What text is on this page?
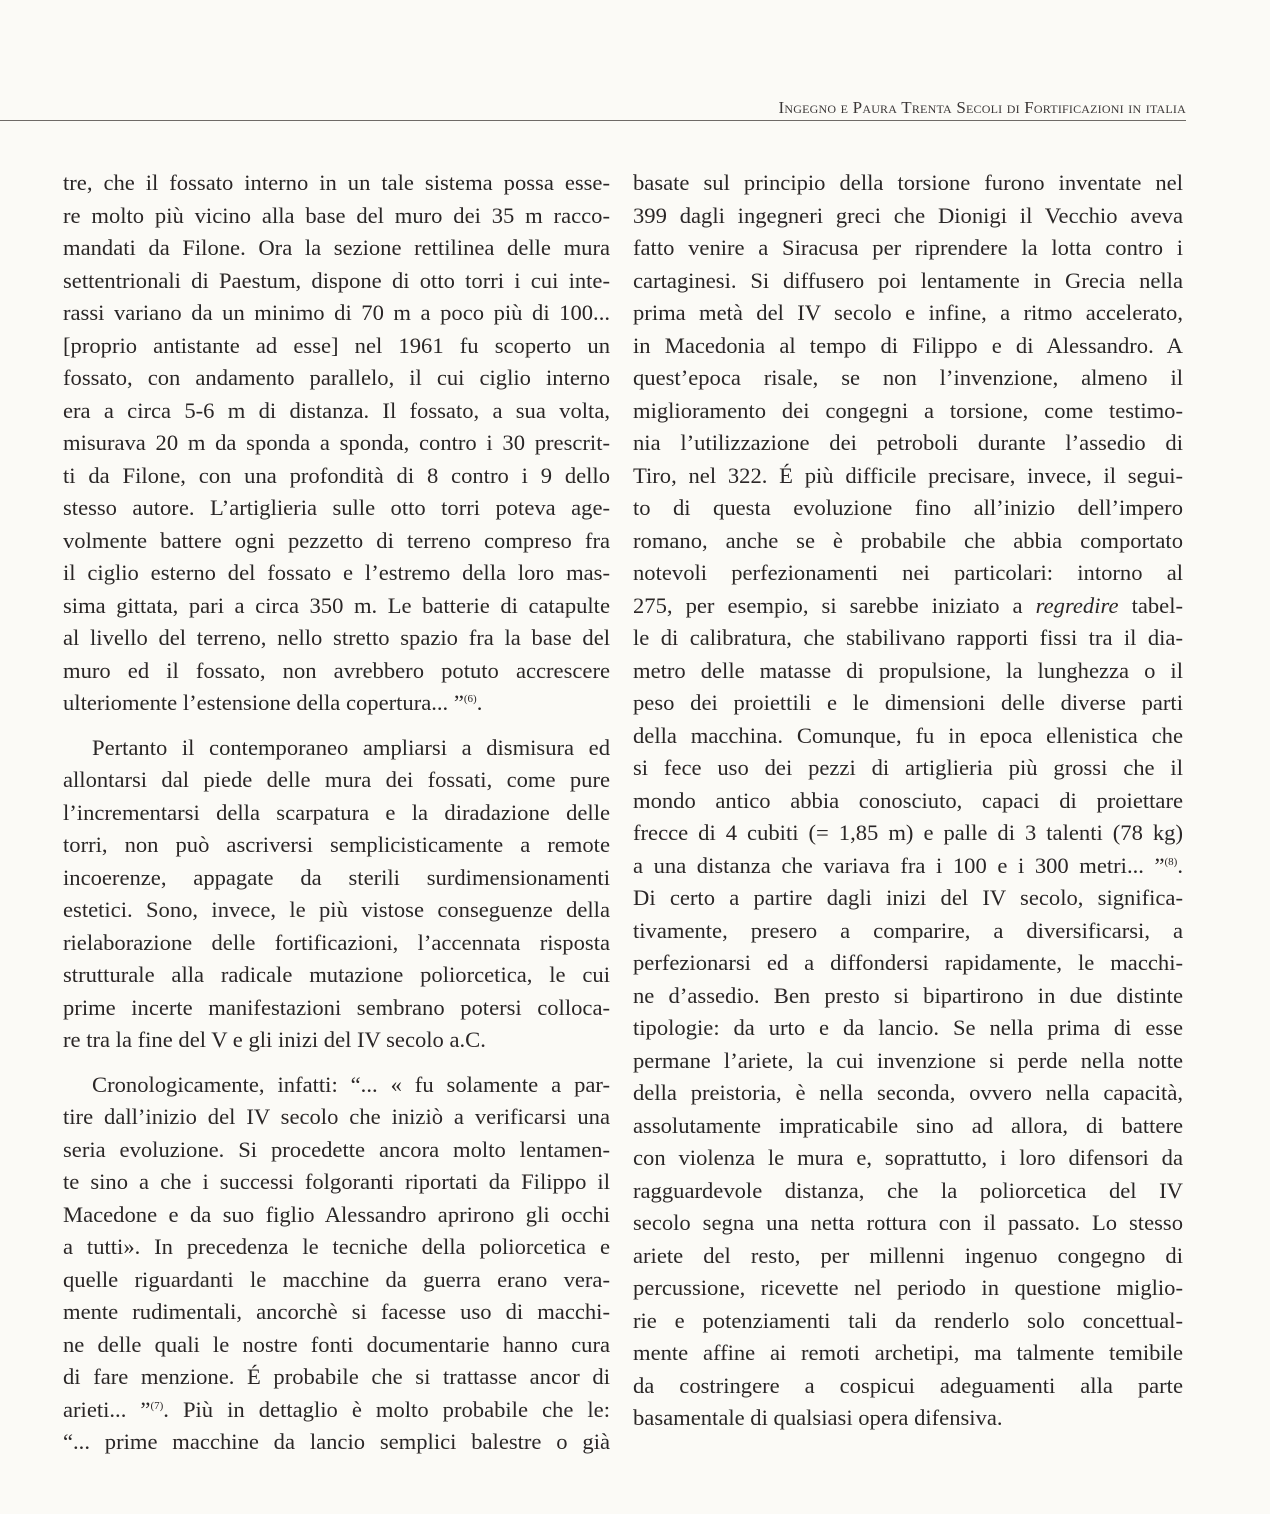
Ingegno e Paura Trenta Secoli di Fortificazioni in italia
tre, che il fossato interno in un tale sistema possa esse-
re molto più vicino alla base del muro dei 35 m racco-
mandati da Filone. Ora la sezione rettilinea delle mura
settentrionali di Paestum, dispone di otto torri i cui inte-
rassi variano da un minimo di 70 m a poco più di 100...
[proprio antistante ad esse] nel 1961 fu scoperto un
fossato, con andamento parallelo, il cui ciglio interno
era a circa 5-6 m di distanza. Il fossato, a sua volta,
misurava 20 m da sponda a sponda, contro i 30 prescrit-
ti da Filone, con una profondità di 8 contro i 9 dello
stesso autore. L’artiglieria sulle otto torri poteva age-
volmente battere ogni pezzetto di terreno compreso fra
il ciglio esterno del fossato e l’estremo della loro mas-
sima gittata, pari a circa 350 m. Le batterie di catapulte
al livello del terreno, nello stretto spazio fra la base del
muro ed il fossato, non avrebbero potuto accrescere
ulteriomente l’estensione della copertura... ”$^{(6)}$.
Pertanto il contemporaneo ampliarsi a dismisura ed
allontarsi dal piede delle mura dei fossati, come pure
l’incrementarsi della scarpatura e la diradazione delle
torri, non può ascriversi semplicisticamente a remote
incoerenze, appagate da sterili surdimensionamenti
estetici. Sono, invece, le più vistose conseguenze della
rielaborazione delle fortificazioni, l’accennata risposta
strutturale alla radicale mutazione poliorcetica, le cui
prime incerte manifestazioni sembrano potersi colloca-
re tra la fine del V e gli inizi del IV secolo a.C.
Cronologicamente, infatti: “... « fu solamente a par-
tire dall’inizio del IV secolo che iniziò a verificarsi una
seria evoluzione. Si procedette ancora molto lentamen-
te sino a che i successi folgoranti riportati da Filippo il
Macedone e da suo figlio Alessandro aprirono gli occhi
a tutti». In precedenza le tecniche della poliorcetica e
quelle riguardanti le macchine da guerra erano vera-
mente rudimentali, ancorchè si facesse uso di macchi-
ne delle quali le nostre fonti documentarie hanno cura
di fare menzione. É probabile che si trattasse ancor di
arieti... ”$^{(7)}$. Più in dettaglio è molto probabile che le:
“... prime macchine da lancio semplici balestre o già
basate sul principio della torsione furono inventate nel
399 dagli ingegneri greci che Dionigi il Vecchio aveva
fatto venire a Siracusa per riprendere la lotta contro i
cartaginesi. Si diffusero poi lentamente in Grecia nella
prima metà del IV secolo e infine, a ritmo accelerato,
in Macedonia al tempo di Filippo e di Alessandro. A
quest’epoca risale, se non l’invenzione, almeno il
miglioramento dei congegni a torsione, come testimo-
nia l’utilizzazione dei petroboli durante l’assedio di
Tiro, nel 322. É più difficile precisare, invece, il segui-
to di questa evoluzione fino all’inizio dell’impero
romano, anche se è probabile che abbia comportato
notevoli perfezionamenti nei particolari: intorno al
275, per esempio, si sarebbe iniziato a regredire tabel-
le di calibratura, che stabilivano rapporti fissi tra il dia-
metro delle matasse di propulsione, la lunghezza o il
peso dei proiettili e le dimensioni delle diverse parti
della macchina. Comunque, fu in epoca ellenistica che
si fece uso dei pezzi di artiglieria più grossi che il
mondo antico abbia conosciuto, capaci di proiettare
frecce di 4 cubiti (= 1,85 m) e palle di 3 talenti (78 kg)
a una distanza che variava fra i 100 e i 300 metri... ”$^{(8)}$.
Di certo a partire dagli inizi del IV secolo, significa-
tivamente, presero a comparire, a diversificarsi, a
perfezionarsi ed a diffondersi rapidamente, le macchi-
ne d’assedio. Ben presto si bipartirono in due distinte
tipologie: da urto e da lancio. Se nella prima di esse
permane l’ariete, la cui invenzione si perde nella notte
della preistoria, è nella seconda, ovvero nella capacità,
assolutamente impraticabile sino ad allora, di battere
con violenza le mura e, soprattutto, i loro difensori da
ragguardevole distanza, che la poliorcetica del IV
secolo segna una netta rottura con il passato. Lo stesso
ariete del resto, per millenni ingenuo congegno di
percussione, ricevette nel periodo in questione miglio-
rie e potenziamenti tali da renderlo solo concettual-
mente affine ai remoti archetipi, ma talmente temibile
da costringere a cospicui adeguamenti alla parte
basamentale di qualsiasi opera difensiva.
